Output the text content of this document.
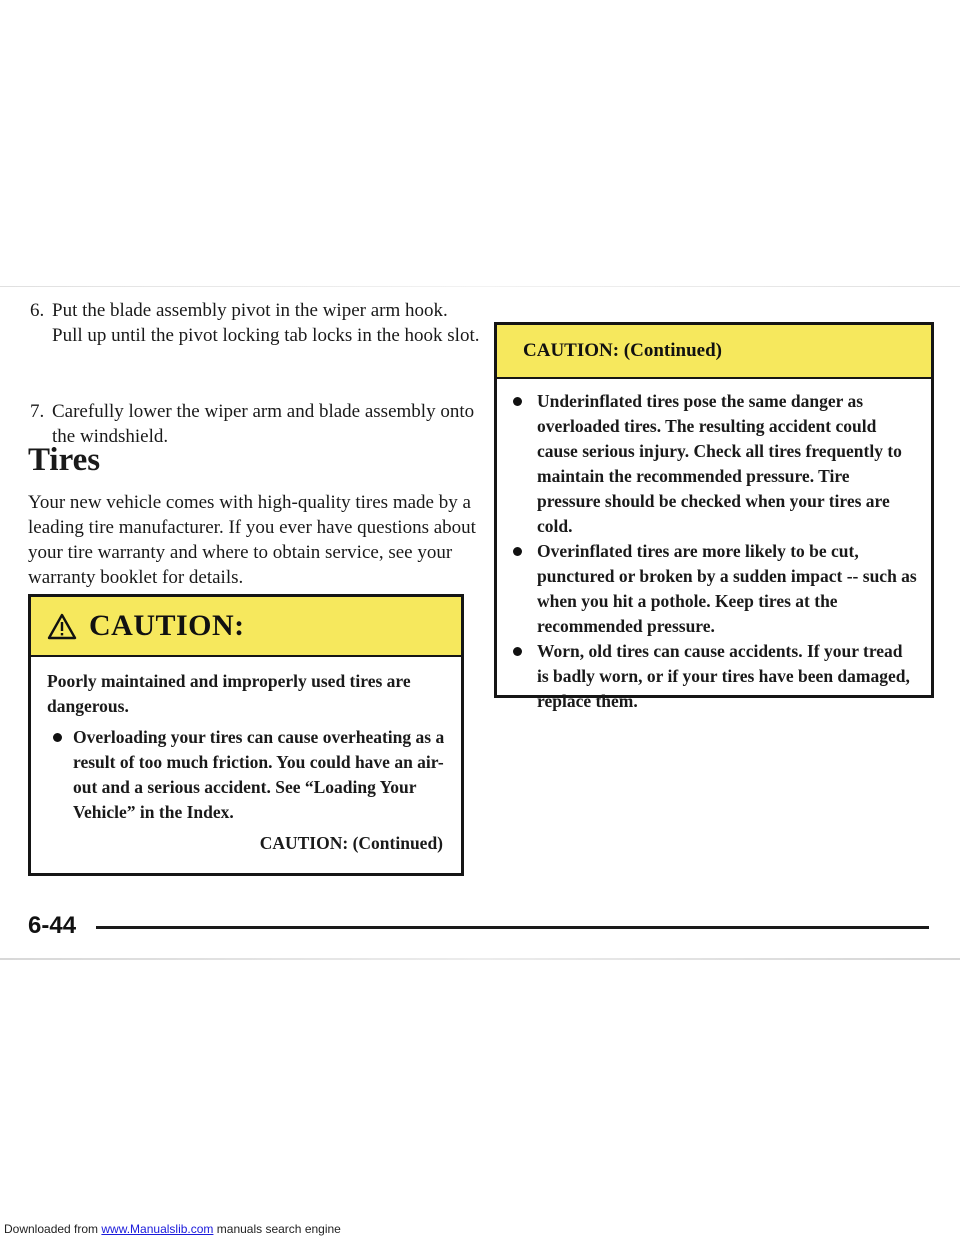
6. Put the blade assembly pivot in the wiper arm hook. Pull up until the pivot locking tab locks in the hook slot.
7. Carefully lower the wiper arm and blade assembly onto the windshield.
Tires
Your new vehicle comes with high-quality tires made by a leading tire manufacturer. If you ever have questions about your tire warranty and where to obtain service, see your warranty booklet for details.
CAUTION:
Poorly maintained and improperly used tires are dangerous.
Overloading your tires can cause overheating as a result of too much friction. You could have an air-out and a serious accident. See “Loading Your Vehicle” in the Index.
CAUTION: (Continued)
CAUTION: (Continued)
Underinflated tires pose the same danger as overloaded tires. The resulting accident could cause serious injury. Check all tires frequently to maintain the recommended pressure. Tire pressure should be checked when your tires are cold.
Overinflated tires are more likely to be cut, punctured or broken by a sudden impact -- such as when you hit a pothole. Keep tires at the recommended pressure.
Worn, old tires can cause accidents. If your tread is badly worn, or if your tires have been damaged, replace them.
6-44
Downloaded from www.Manualslib.com manuals search engine
